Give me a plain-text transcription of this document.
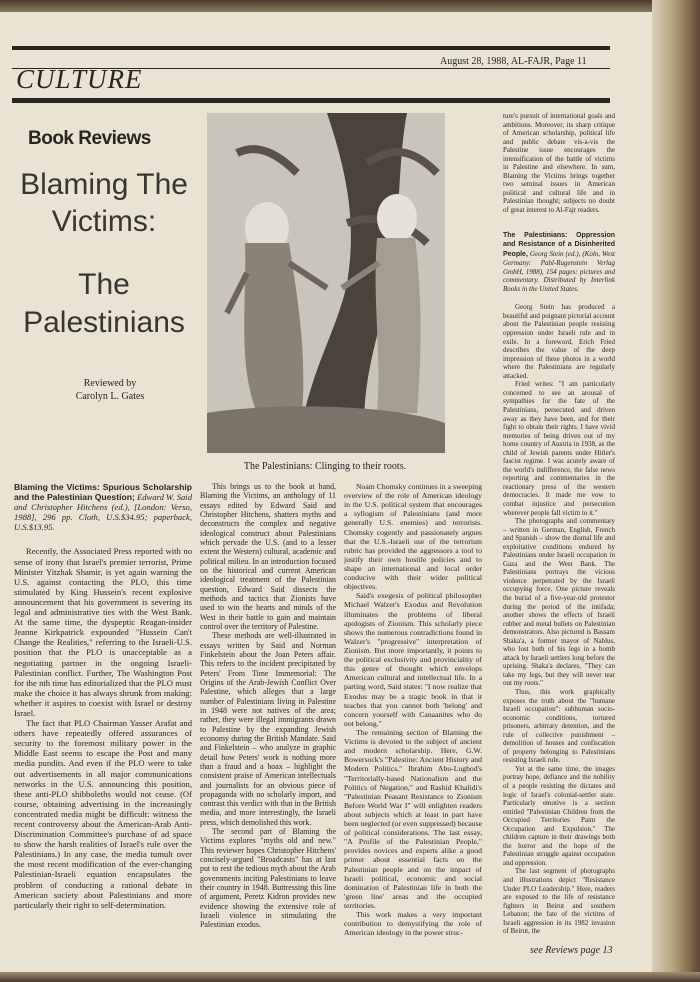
August 28, 1988, AL-FAJR, Page 11
CULTURE
Book Reviews
Blaming The
Victims:
The
Palestinians
Reviewed by
Carolyn L. Gates
The Palestinians: Clinging to their roots.

Blaming the Victims: Spurious Scholarship and the Palestinian Question; Edward W. Said and Christopher Hitchens (ed.), [London: Verso, 1988], 296 pp. Cloth, U.S.$34.95; paperback, U.S.$13.95.

Recently, the Associated Press reported with no sense of irony that Israel's premier terrorist, Prime Minister Yitzhak Shamir, is yet again warning the U.S. against contacting the PLO, this time stimulated by King Hussein's recent explosive announcement that his government is severing its legal and administrative ties with the West Bank. At the same time, the dyspeptic Reagan-insider Jeanne Kirkpatrick expounded "Hussein Can't Change the Realities," referring to the Israeli-U.S. position that the PLO is unacceptable as a negotiating partner in the ongoing Israeli-Palestinian conflict. Further, The Washington Post for the nth time has editorialized that the PLO must make the choice it has always shrunk from making: whether it aspires to coexist with Israel or destroy Israel.

The fact that PLO Chairman Yasser Arafat and others have repeatedly offered assurances of security to the foremost military power in the Middle East seems to escape the Post and many media pundits. And even if the PLO were to take out advertisements in all major communications networks in the U.S. announcing this position, these anti-PLO shibboleths would not cease. (Of course, obtaining advertising in the increasingly concentrated media might be difficult: witness the recent controversy about the American-Arab Anti-Discrimination Committee's purchase of ad space to show the harsh realities of Israel's rule over the Palestinians.) In any case, the media tumult over the most recent modification of the ever-changing Palestinian-Israeli equation encapsulates the problem of conducting a rational debate in American society about Palestinians and more particularly their right to self-determination.

This brings us to the book at hand, Blaming the Victims, an anthology of 11 essays edited by Edward Said and Christopher Hitchens, shatters myths and deconstructs the complex and negative ideological construct about Palestinians which pervade the U.S. (and to a lesser extent the Western) cultural, academic and political milieu. In an introduction focused on the historical and current American ideological treatment of the Palestinian question, Edward Said dissects the methods and tactics that Zionists have used to win the hearts and minds of the West in their battle to gain and maintain control over the territory of Palestine.

These methods are well-illustrated in essays written by Said and Norman Finkelstein about the Joan Peters affair. This refers to the incident precipitated by Peters' From Time Immemorial: The Origins of the Arab-Jewish Conflict Over Palestine, which alleges that a large number of Palestinians living in Palestine in 1948 were not natives of the area; rather, they were illegal immigrants drawn to Palestine by the expanding Jewish economy during the British Mandate. Said and Finkelstein – who analyze in graphic detail how Peters' work is nothing more than a fraud and a hoax – highlight the consistent praise of American intellectuals and journalists for an obvious piece of propaganda with no scholarly import, and contrast this verdict with that in the British media, and more interestingly, the Israeli press, which demolished this work.

The second part of Blaming the Victims explores "myths old and new." This reviewer hopes Christopher Hitchens' concisely-argued "Broadcasts" has at last put to rest the tedious myth about the Arab governments inciting Palestinians to leave their country in 1948. Buttressing this line of argument, Peretz Kidron provides new evidence showing the extensive role of Israeli violence in stimulating the Palestinian exodus.

Noam Chomsky continues in a sweeping overview of the role of American ideology in the U.S. political system that encourages a syllogism of Palestinians (and more generally U.S. enemies) and terrorists. Chomsky cogently and passionately argues that the U.S.-Israeli use of the terrorism rubric has provided the aggressors a tool to justify their own hostile policies and to shape an international and local order conducive with their wider political objectives.

Said's exegesis of political philosopher Michael Walzer's Exodus and Revolution illuminates the problems of liberal apologists of Zionism. This scholarly piece shows the numerous contradictions found in Walzer's "progressive" interpretation of Zionism. But more importantly, it points to the political exclusivity and provinciality of this genre of thought which envelops American cultural and intellectual life. In a parting word, Said states: "I now realize that Exodus may be a tragic book in that it teaches that you cannot both 'belong' and concern yourself with Canaanites who do not belong."

The remaining section of Blaming the Victims is devoted to the subject of ancient and modern scholarship. Here, G.W. Bowersock's "Palestine: Ancient History and Modern Politics," Ibrahim Abu-Lughod's "Territorially-based Nationalism and the Politics of Negation," and Rashid Khalidi's "Palestinian Peasant Resistance to Zionism Before World War I" will enlighten readers about subjects which at least in part have been neglected (or even suppressed) because of political considerations. The last essay, "A Profile of the Palestinian People," provides novices and experts alike a good primer about essential facts on the Palestinian people and on the impact of Israeli political, economic and social domination of Palestinian life in both the 'green line' areas and the occupied territories.

This work makes a very important contribution to demystifying the role of American ideology in the power struc-

ture's pursuit of international goals and ambitions. Moreover, its sharp critique of American scholarship, political life and public debate vis-a-vis the Palestine issue encourages the intensification of the battle of victims in Palestine and elsewhere. In sum, Blaming the Victims brings together two seminal issues in American political and cultural life and in Palestinian thought; subjects no doubt of great interest to Al-Fajr readers.

The Palestinians: Oppression and Resistance of a Disinherited People, Georg Stein (ed.), (Koln, West Germany: Pahl-Rugenstein Verlag GmbH, 1988), 154 pages: pictures and commentary. Distributed by Interlink Books in the United States.

Georg Stein has produced a beautiful and poignant pictorial account about the Palestinian people resisting oppression under Israeli rule and in exile. In a foreword, Erich Fried describes the value of the deep impression of these photos in a world where the Palestinians are regularly attacked.

Fried writes: "I am particularly concerned to see an arousal of sympathies for the fate of the Palestinians, persecuted and driven away as they have been, and for their fight to obtain their rights. I have vivid memories of being driven out of my home country of Austria in 1938, as the child of Jewish parents under Hitler's fascist regime. I was acutely aware of the world's indifference, the false news reporting and commentaries in the reactionary press of the western democracies. It made me vow to combat injustice and persecution wherever people fall victim to it."

The photographs and commentary – written in German, English, French and Spanish – show the dismal life and exploitative conditions endured by Palestinians under Israeli occupation in Gaza and the West Bank. The Palestinians portrays the vicious violence perpetrated by the Israeli occupying force. One picture reveals the burial of a five-year-old protestor during the period of the intifada; another shows the effects of Israeli rubber and metal bullets on Palestinian demonstrators. Also pictured is Bassam Shaka'a, a former mayor of Nablus, who lost both of his legs in a bomb attack by Israeli settlers long before the uprising. Shaka'a declares, "They can take my legs, but they will never tear out my roots."

Thus, this work graphically exposes the truth about the "humane Israeli occupation": subhuman socio-economic conditions, tortured prisoners, arbitrary detention, and the rule of collective punishment – demolition of houses and confiscation of property belonging to Palestinians resisting Israeli rule.

Yet at the same time, the images portray hope, defiance and the nobility of a people resisting the dictates and logic of Israel's colonial-settler state. Particularly emotive is a section entitled "Palestinian Children from the Occupied Territories Paint the Occupation and Expulsion." The children capture in their drawings both the horror and the hope of the Palestinian struggle against occupation and oppression.

The last segment of photographs and illustrations depict "Resistance Under PLO Leadership." Here, readers are exposed to the life of resistance fighters in Beirut and southern Lebanon; the fate of the victims of Israeli aggression in its 1982 invasion of Beirut, the

see Reviews page 13
